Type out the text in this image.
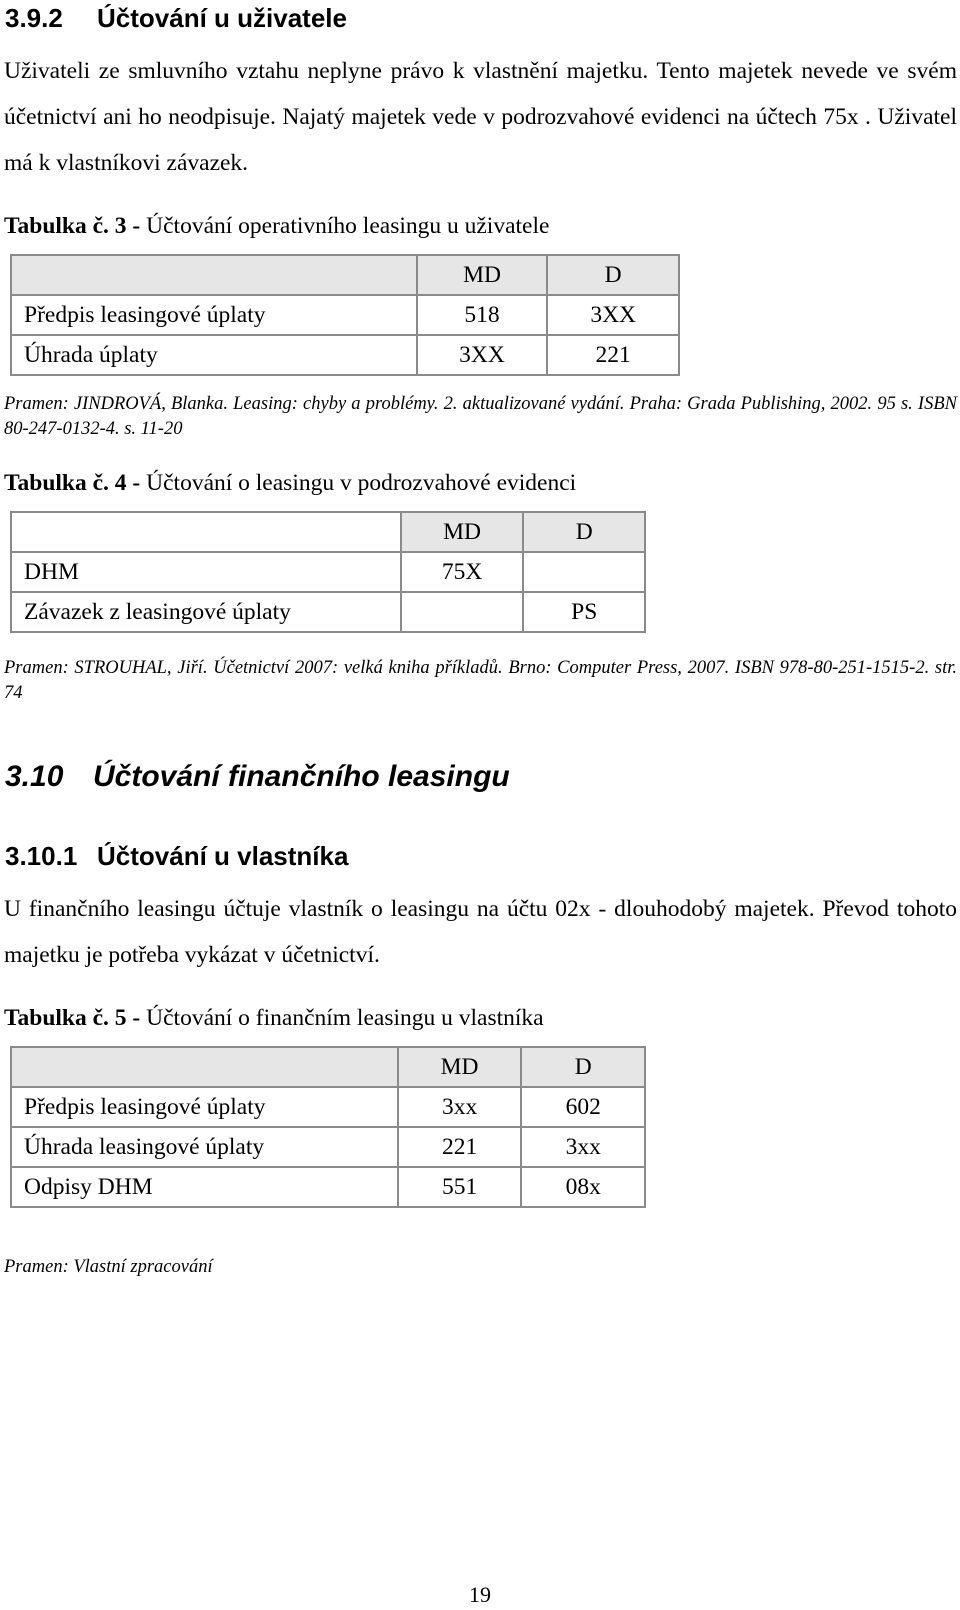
3.9.2 Účtování u uživatele

Uživateli ze smluvního vztahu neplyne právo k vlastnění majetku. Tento majetek nevede ve svém účetnictví ani ho neodpisuje. Najatý majetek vede v podrozvahové evidenci na účtech 75x . Uživatel má k vlastníkovi závazek.

Tabulka č. 3 - Účtování operativního leasingu u uživatele
	MD	D
Předpis leasingové úplaty	518	3XX
Úhrada úplaty	3XX	221

Pramen: JINDROVÁ, Blanka. Leasing: chyby a problémy. 2. aktualizované vydání. Praha: Grada Publishing, 2002. 95 s. ISBN 80-247-0132-4. s. 11-20

Tabulka č. 4 - Účtování o leasingu v podrozvahové evidenci
	MD	D
DHM	75X	
Závazek z leasingové úplaty		PS

Pramen: STROUHAL, Jiří. Účetnictví 2007: velká kniha příkladů. Brno: Computer Press, 2007. ISBN 978-80-251-1515-2. str. 74

3.10 Účtování finančního leasingu
3.10.1 Účtování u vlastníka

U finančního leasingu účtuje vlastník o leasingu na účtu 02x - dlouhodobý majetek. Převod tohoto majetku je potřeba vykázat v účetnictví.

Tabulka č. 5 - Účtování o finančním leasingu u vlastníka
	MD	D
Předpis leasingové úplaty	3xx	602
Úhrada leasingové úplaty	221	3xx
Odpisy DHM	551	08x

Pramen: Vlastní zpracování

19
